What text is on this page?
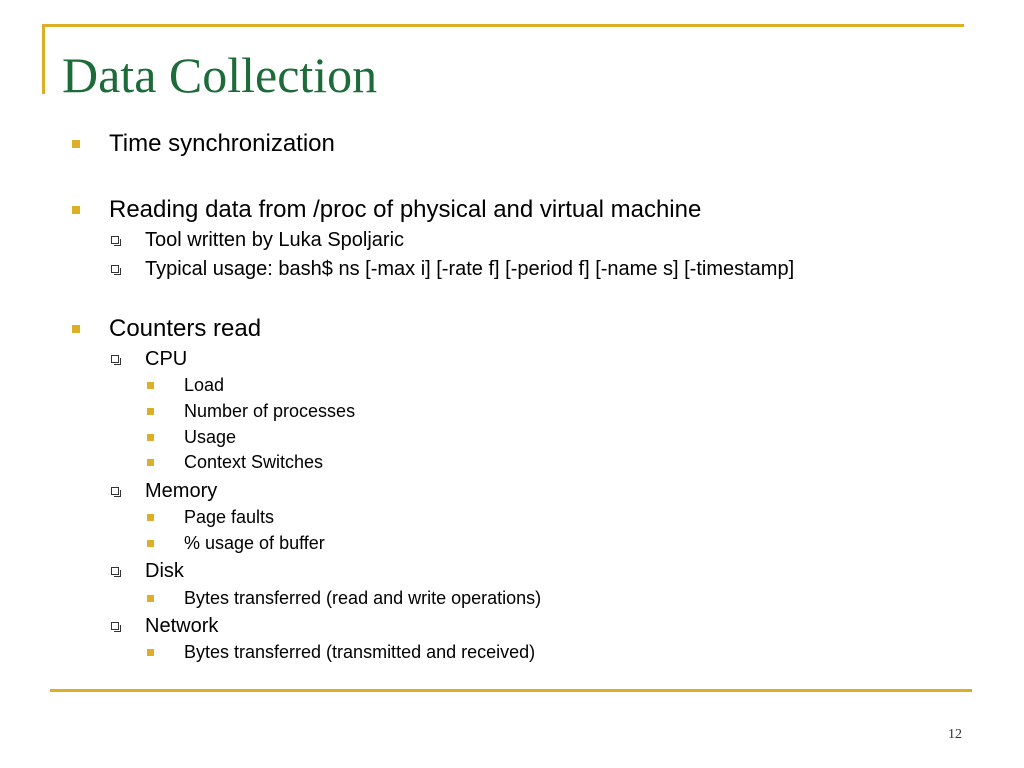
Data Collection
Time synchronization
Reading data from /proc of physical and virtual machine
Tool written by Luka Spoljaric
Typical usage: bash$ ns [-max i] [-rate f] [-period f] [-name s] [-timestamp]
Counters read
CPU
Load
Number of processes
Usage
Context Switches
Memory
Page faults
% usage of buffer
Disk
Bytes transferred (read and write operations)
Network
Bytes transferred (transmitted and received)
12
